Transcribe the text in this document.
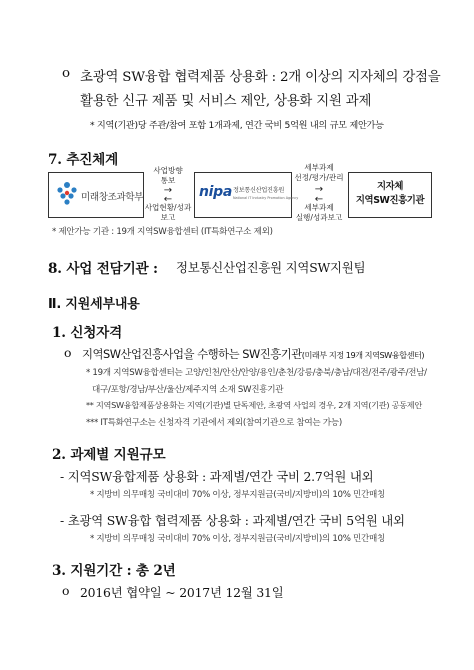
o 초광역 SW융합 협력제품 상용화 : 2개 이상의 지자체의 강점을
활용한 신규 제품 및 서비스 제안, 상용화 지원 과제
* 지역(기관)당 주관/참여 포함 1개과제, 연간 국비 5억원 내의 규모 제안가능
7. 추진체계
미래창조과학부
사업방향
통보
→
←
사업현황/성과
보고
nipa 정보통신산업진흥원
National IT Industry Promotion Agency
세부과제
선정/평가/관리
→
←
세부과제
실행/성과보고
지자체
지역SW진흥기관
* 제안가능 기관 : 19개 지역SW융합센터 (IT특화연구소 제외)
8. 사업 전담기관 : 정보통신산업진흥원 지역SW지원팀
Ⅱ. 지원세부내용
1. 신청자격
o 지역SW산업진흥사업을 수행하는 SW진흥기관(미래부 지정 19개 지역SW융합센터)
* 19개 지역SW융합센터는 고양/인천/안산/안양/용인/춘천/강릉/충북/충남/대전/전주/광주/전남/
대구/포항/경남/부산/울산/제주지역 소재 SW진흥기관
** 지역SW융합제품상용화는 지역(기관)별 단독제안, 초광역 사업의 경우, 2개 지역(기관) 공동제안
*** IT특화연구소는 신청자격 기관에서 제외(참여기관으로 참여는 가능)
2. 과제별 지원규모
- 지역SW융합제품 상용화 : 과제별/연간 국비 2.7억원 내외
* 지방비 의무매칭 국비대비 70% 이상, 정부지원금(국비/지방비)의 10% 민간매칭
- 초광역 SW융합 협력제품 상용화 : 과제별/연간 국비 5억원 내외
* 지방비 의무매칭 국비대비 70% 이상, 정부지원금(국비/지방비)의 10% 민간매칭
3. 지원기간 : 총 2년
o 2016년 협약일 ~ 2017년 12월 31일
